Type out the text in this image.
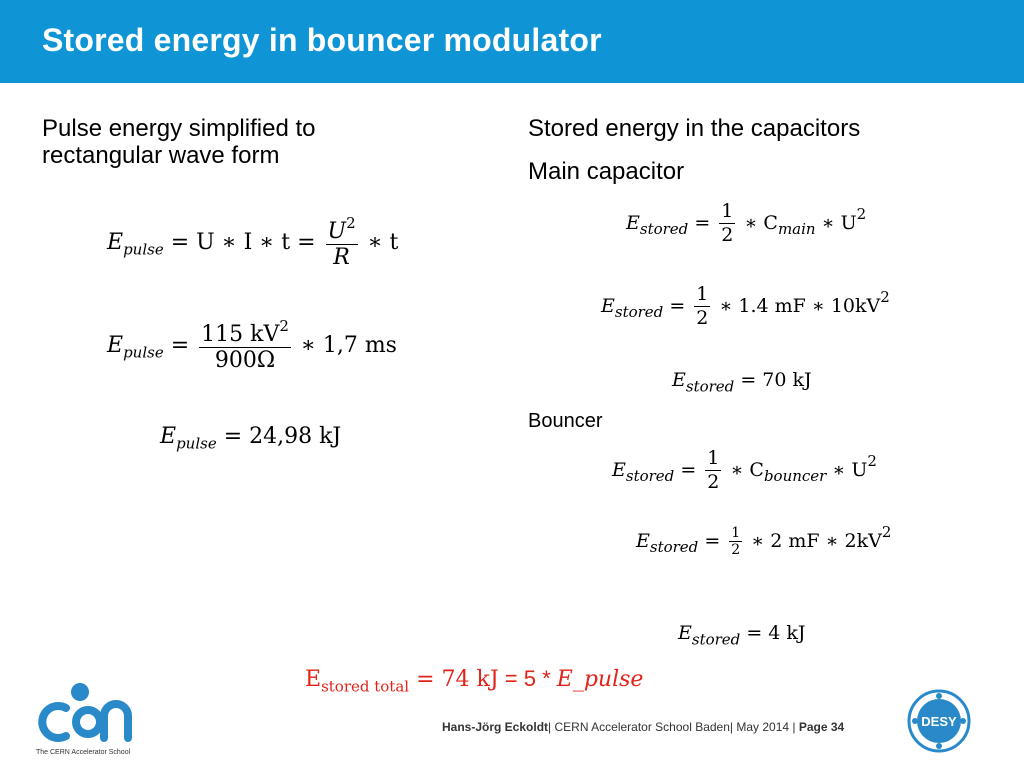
Stored energy in bouncer modulator
Pulse energy simplified to
rectangular wave form
$E_{pulse} = U$ ∗ I ∗ $t = \frac{U^2}{R}$ ∗ t
$E_{pulse} = \frac{115 kV^2}{900\Omega}$ ∗ 1,7 ms
$E_{pulse} = 24,98$ kJ
Stored energy in the capacitors
Main capacitor
$E_{stored} = \frac{1}{2}$ ∗ $C_{main}$ ∗ $U^2$
$E_{stored} = \frac{1}{2}$ ∗ 1.4 mF ∗ $10kV^2$
$E_{stored} = 70$ kJ
Bouncer
$E_{stored} = \frac{1}{2}$ ∗ $C_{bouncer}$ ∗ $U^2$
$E_{stored} = \frac{1}{2}$ ∗ 2 mF ∗ $2kV^2$
$E_{stored} = 4$ kJ
$E_{stored total} = 74$ kJ = 5 * E_pulse
Hans-Jörg Eckoldt| CERN Accelerator School Baden| May 2014 | Page 34
The CERN Accelerator School
DESY
